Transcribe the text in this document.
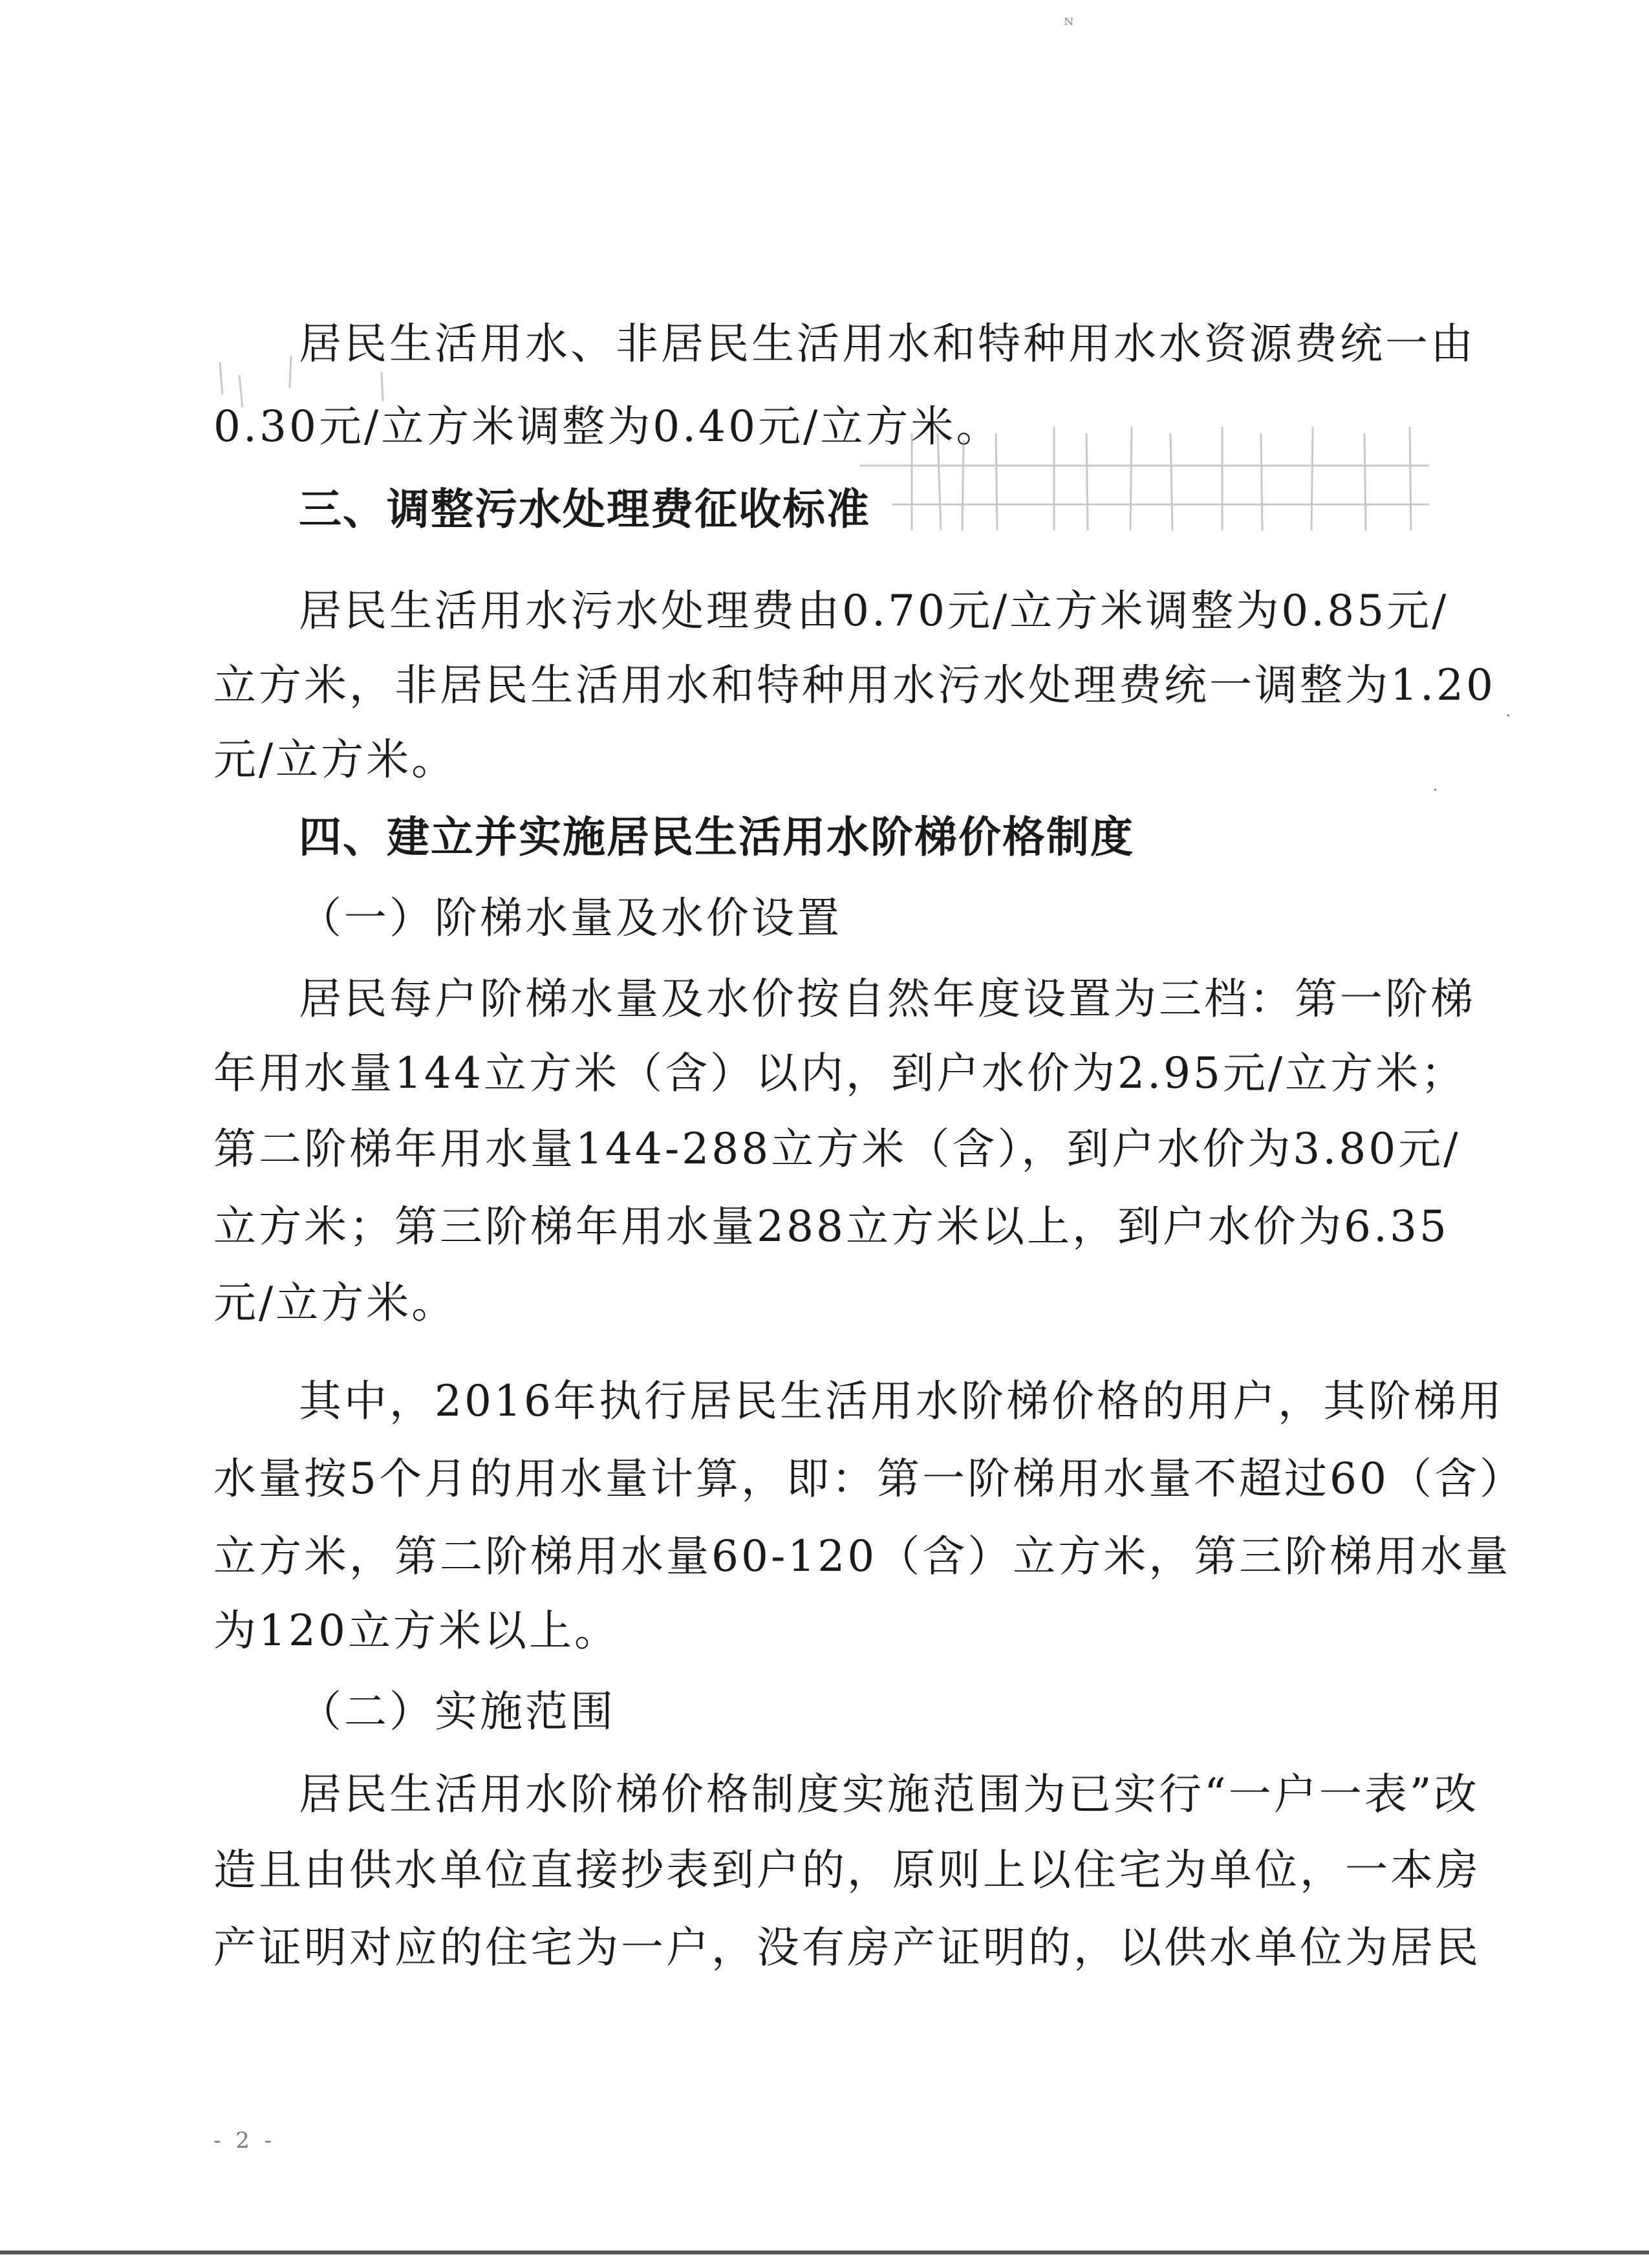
ᴺ

居民生活用水、非居民生活用水和特种用水水资源费统一由

0.30元/立方米调整为0.40元/立方米。

三、调整污水处理费征收标准

居民生活用水污水处理费由0.70元/立方米调整为0.85元/

立方米，非居民生活用水和特种用水污水处理费统一调整为1.20

元/立方米。

四、建立并实施居民生活用水阶梯价格制度

（一）阶梯水量及水价设置

居民每户阶梯水量及水价按自然年度设置为三档：第一阶梯

年用水量144立方米（含）以内，到户水价为2.95元/立方米；

第二阶梯年用水量144-288立方米（含），到户水价为3.80元/

立方米；第三阶梯年用水量288立方米以上，到户水价为6.35

元/立方米。

其中，2016年执行居民生活用水阶梯价格的用户，其阶梯用

水量按5个月的用水量计算，即：第一阶梯用水量不超过60（含）

立方米，第二阶梯用水量60-120（含）立方米，第三阶梯用水量

为120立方米以上。

（二）实施范围

居民生活用水阶梯价格制度实施范围为已实行“一户一表”改

造且由供水单位直接抄表到户的，原则上以住宅为单位，一本房

产证明对应的住宅为一户，没有房产证明的，以供水单位为居民

·
·
- 2 -
